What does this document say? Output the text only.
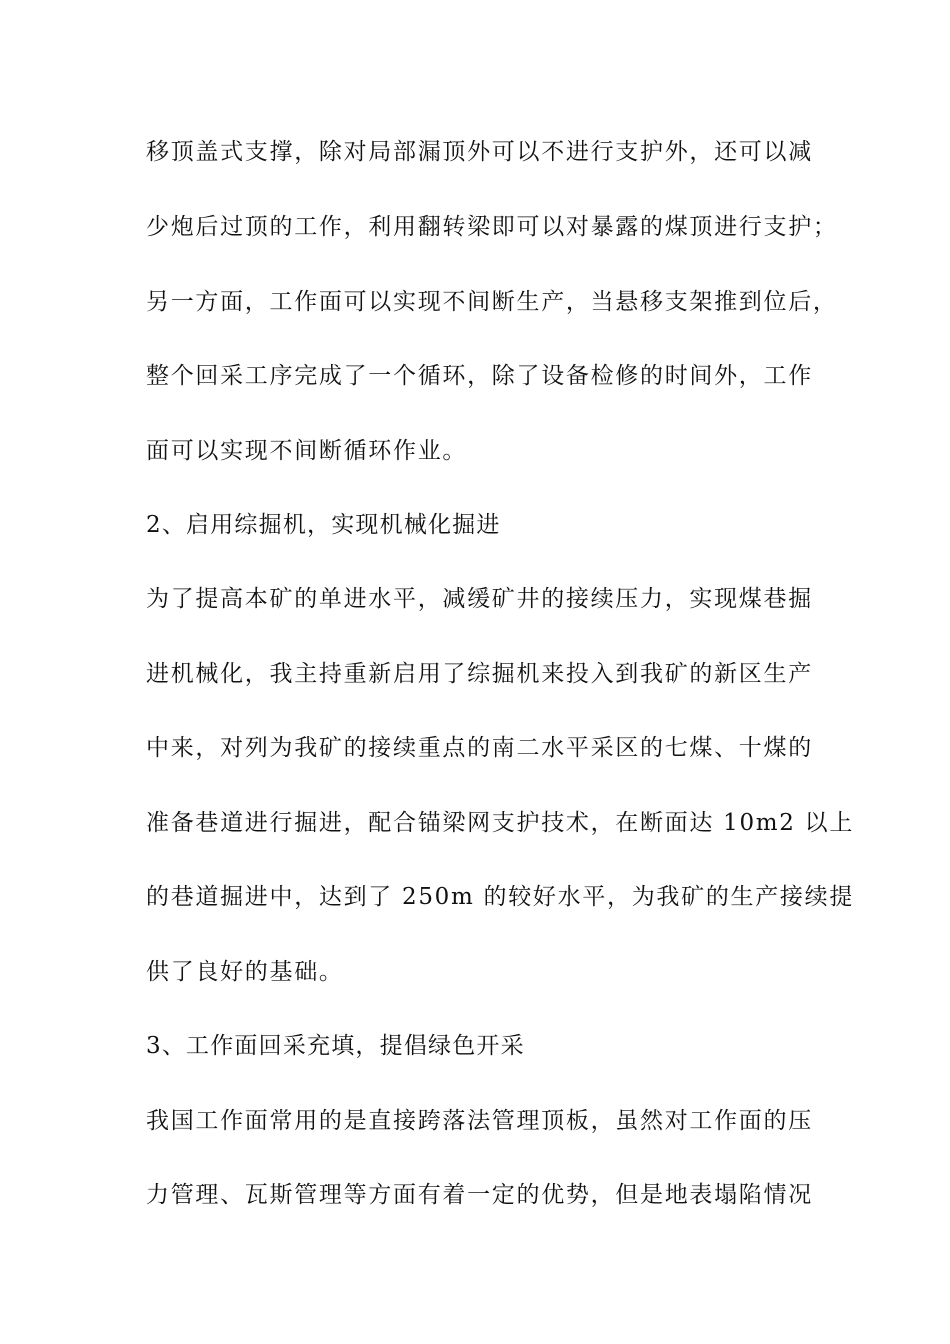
移顶盖式支撑，除对局部漏顶外可以不进行支护外，还可以减
少炮后过顶的工作，利用翻转梁即可以对暴露的煤顶进行支护；
另一方面，工作面可以实现不间断生产，当悬移支架推到位后，
整个回采工序完成了一个循环，除了设备检修的时间外，工作
面可以实现不间断循环作业。
2、启用综掘机，实现机械化掘进
为了提高本矿的单进水平，减缓矿井的接续压力，实现煤巷掘
进机械化，我主持重新启用了综掘机来投入到我矿的新区生产
中来，对列为我矿的接续重点的南二水平采区的七煤、十煤的
准备巷道进行掘进，配合锚梁网支护技术，在断面达 10m2 以上
的巷道掘进中，达到了 250m 的较好水平，为我矿的生产接续提
供了良好的基础。
3、工作面回采充填，提倡绿色开采
我国工作面常用的是直接跨落法管理顶板，虽然对工作面的压
力管理、瓦斯管理等方面有着一定的优势，但是地表塌陷情况
